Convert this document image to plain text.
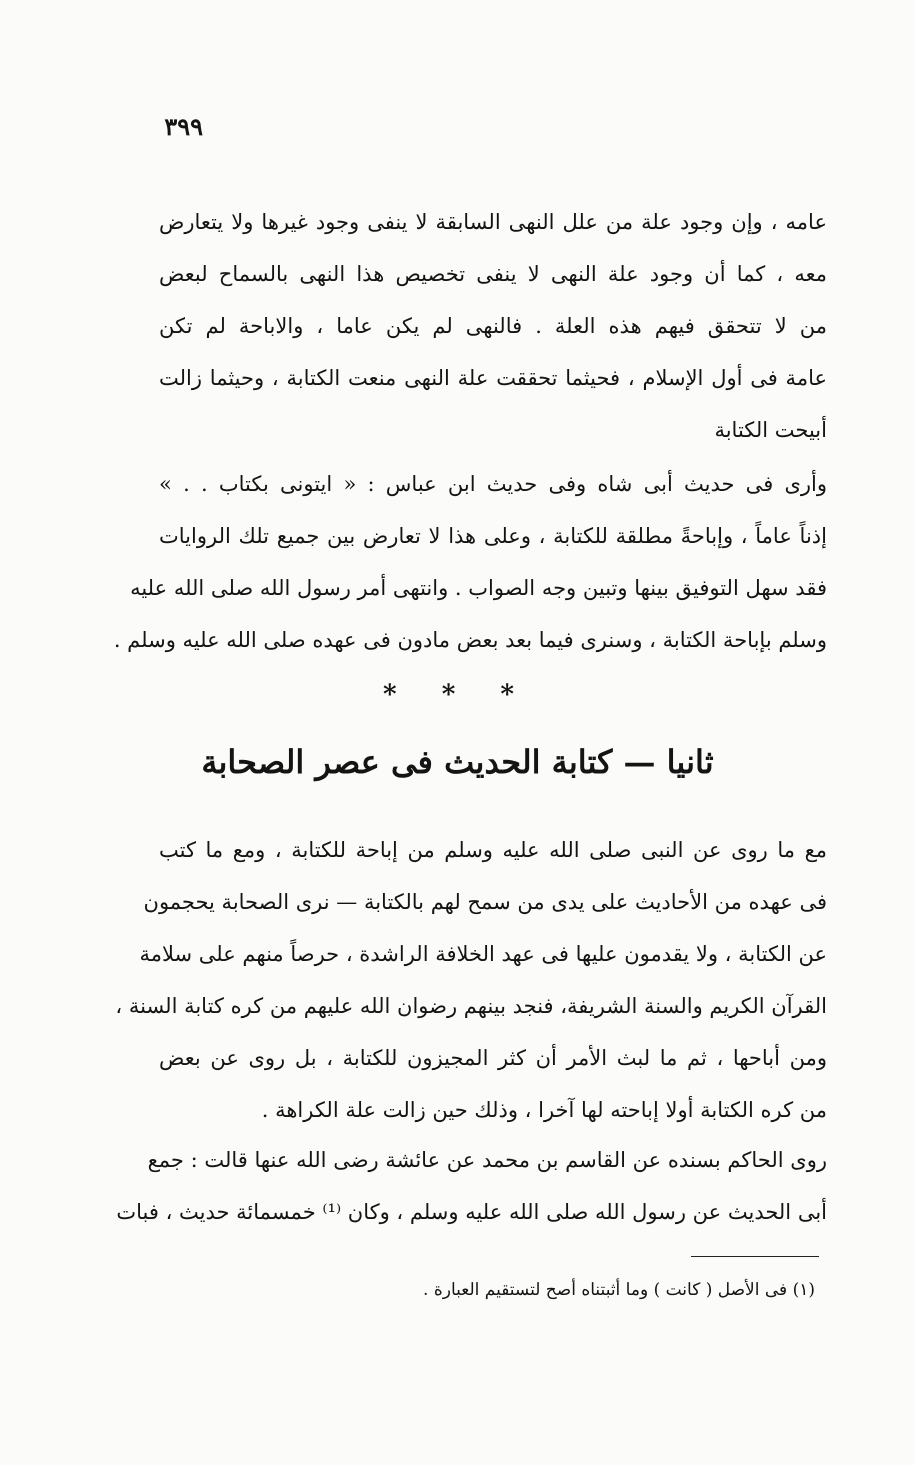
٣٩٩
عامه ، وإن وجود علة من علل النهى السابقة لا ينفى وجود غيرها ولا يتعارض
معه ، كما أن وجود علة النهى لا ينفى تخصيص هذا النهى بالسماح لبعض
من لا تتحقق فيهم هذه العلة . فالنهى لم يكن عاما ، والاباحة لم تكن
عامة فى أول الإسلام ، فحيثما تحققت علة النهى منعت الكتابة ، وحيثما زالت
أبيحت الكتابة
وأرى فى حديث أبى شاه وفى حديث ابن عباس : « ايتونى بكتاب . . »
إذناً عاماً ، وإباحةً مطلقة للكتابة ، وعلى هذا لا تعارض بين جميع تلك الروايات
فقد سهل التوفيق بينها وتبين وجه الصواب . وانتهى أمر رسول الله صلى الله عليه
وسلم بإباحة الكتابة ، وسنرى فيما بعد بعض مادون فى عهده صلى الله عليه وسلم .
* * *
ثانيا — كتابة الحديث فى عصر الصحابة
مع ما روى عن النبى صلى الله عليه وسلم من إباحة للكتابة ، ومع ما كتب
فى عهده من الأحاديث على يدى من سمح لهم بالكتابة — نرى الصحابة يحجمون
عن الكتابة ، ولا يقدمون عليها فى عهد الخلافة الراشدة ، حرصاً منهم على سلامة
القرآن الكريم والسنة الشريفة، فنجد بينهم رضوان الله عليهم من كره كتابة السنة ،
ومن أباحها ، ثم ما لبث الأمر أن كثر المجيزون للكتابة ، بل روى عن بعض
من كره الكتابة أولا إباحته لها آخرا ، وذلك حين زالت علة الكراهة .
روى الحاكم بسنده عن القاسم بن محمد عن عائشة رضى الله عنها قالت : جمع
أبى الحديث عن رسول الله صلى الله عليه وسلم ، وكان ⁽¹⁾ خمسمائة حديث ، فبات
(١) فى الأصل ( كانت ) وما أثبتناه أصح لتستقيم العبارة .
